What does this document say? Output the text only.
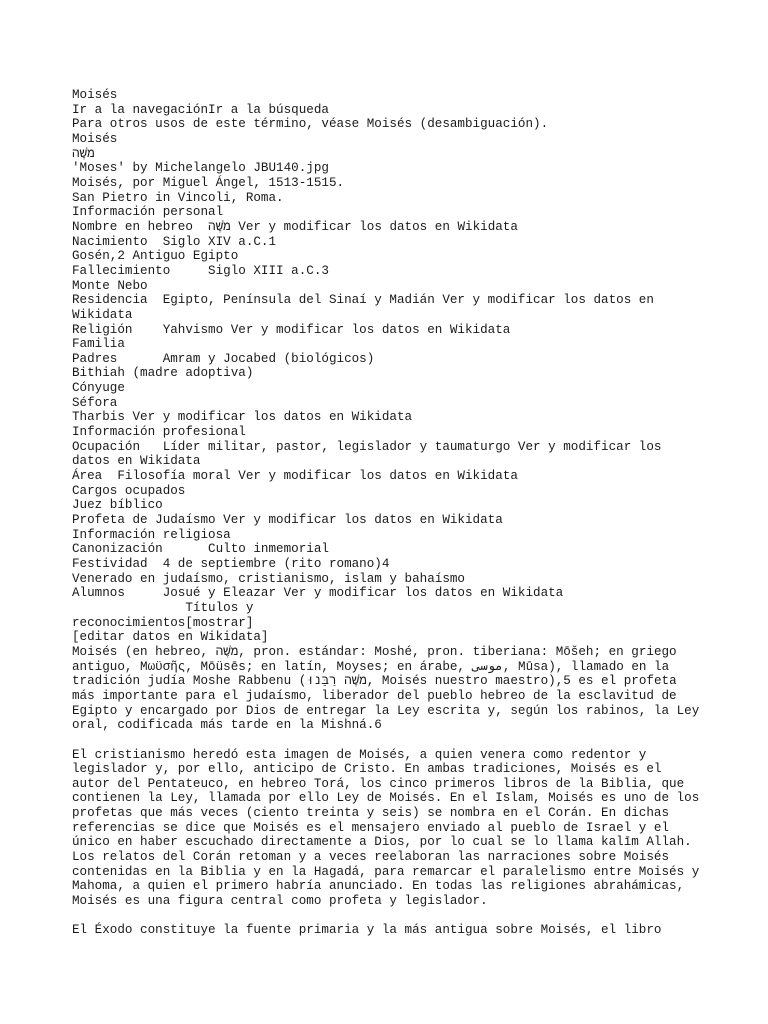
Moisés
Ir a la navegaciónIr a la búsqueda
Para otros usos de este término, véase Moisés (desambiguación).
Moisés
מֹשֶׁה
'Moses' by Michelangelo JBU140.jpg
Moisés, por Miguel Ángel, 1513-1515.
San Pietro in Vincoli, Roma.
Información personal
Nombre en hebreo  מֹשֶׁה Ver y modificar los datos en Wikidata
Nacimiento  Siglo XIV a.C.1
Gosén,2 Antiguo Egipto
Fallecimiento     Siglo XIII a.C.3
Monte Nebo
Residencia  Egipto, Península del Sinaí y Madián Ver y modificar los datos en
Wikidata
Religión    Yahvismo Ver y modificar los datos en Wikidata
Familia
Padres      Amram y Jocabed (biológicos)
Bithiah (madre adoptiva)
Cónyuge
Séfora
Tharbis Ver y modificar los datos en Wikidata
Información profesional
Ocupación   Líder militar, pastor, legislador y taumaturgo Ver y modificar los
datos en Wikidata
Área  Filosofía moral Ver y modificar los datos en Wikidata
Cargos ocupados
Juez bíblico
Profeta de Judaísmo Ver y modificar los datos en Wikidata
Información religiosa
Canonización      Culto inmemorial
Festividad  4 de septiembre (rito romano)4
Venerado en judaísmo, cristianismo, islam y bahaísmo
Alumnos     Josué y Eleazar Ver y modificar los datos en Wikidata
Títulos y
reconocimientos[mostrar]
[editar datos en Wikidata]
Moisés (en hebreo, מֹשֶׁה, pron. estándar: Moshé, pron. tiberiana: Mōšeh; en griego
antiguo, Μωϋσῆς, Mōüsēs; en latín, Moyses; en árabe, موسى‎, Mūsa), llamado en la
tradición judía Moshe Rabbenu (מֹשֶׁה רַבֵּנוּ, Moisés nuestro maestro),5 es el profeta
más importante para el judaísmo, liberador del pueblo hebreo de la esclavitud de
Egipto y encargado por Dios de entregar la Ley escrita y, según los rabinos, la Ley
oral, codificada más tarde en la Mishná.6
El cristianismo heredó esta imagen de Moisés, a quien venera como redentor y
legislador y, por ello, anticipo de Cristo. En ambas tradiciones, Moisés es el
autor del Pentateuco, en hebreo Torá, los cinco primeros libros de la Biblia, que
contienen la Ley, llamada por ello Ley de Moisés. En el Islam, Moisés es uno de los
profetas que más veces (ciento treinta y seis) se nombra en el Corán. En dichas
referencias se dice que Moisés es el mensajero enviado al pueblo de Israel y el
único en haber escuchado directamente a Dios, por lo cual se lo llama kalīm Allah.
Los relatos del Corán retoman y a veces reelaboran las narraciones sobre Moisés
contenidas en la Biblia y en la Hagadá, para remarcar el paralelismo entre Moisés y
Mahoma, a quien el primero habría anunciado. En todas las religiones abrahámicas,
Moisés es una figura central como profeta y legislador.
El Éxodo constituye la fuente primaria y la más antigua sobre Moisés, el libro
